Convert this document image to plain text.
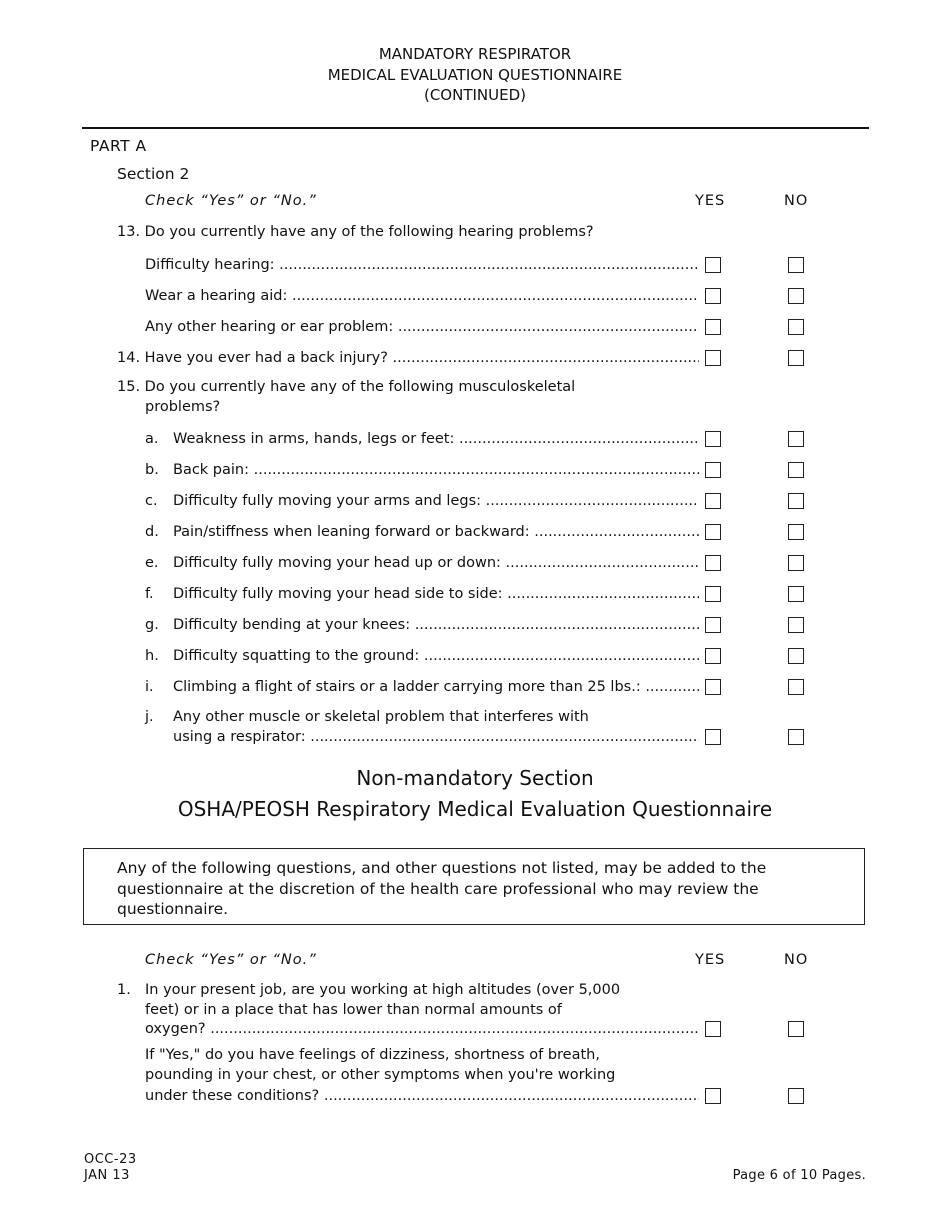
MANDATORY RESPIRATOR
MEDICAL EVALUATION QUESTIONNAIRE
(CONTINUED)
PART A
Section 2
Check “Yes” or “No.”	YES	NO
13. Do you currently have any of the following hearing problems?
Difficulty hearing: .....
Wear a hearing aid: .....
Any other hearing or ear problem: .....
14. Have you ever had a back injury? .....
15. Do you currently have any of the following musculoskeletal
problems?
a. Weakness in arms, hands, legs or feet: .....
b. Back pain: .....
c. Difficulty fully moving your arms and legs: .....
d. Pain/stiffness when leaning forward or backward: .....
e. Difficulty fully moving your head up or down: .....
f. Difficulty fully moving your head side to side: .....
g. Difficulty bending at your knees: .....
h. Difficulty squatting to the ground: .....
i. Climbing a flight of stairs or a ladder carrying more than 25 lbs.: .....
j. Any other muscle or skeletal problem that interferes with
using a respirator: .....
Non-mandatory Section
OSHA/PEOSH Respiratory Medical Evaluation Questionnaire
Any of the following questions, and other questions not listed, may be added to the
questionnaire at the discretion of the health care professional who may review the
questionnaire.
Check “Yes” or “No.”	YES	NO
1. In your present job, are you working at high altitudes (over 5,000
feet) or in a place that has lower than normal amounts of
oxygen? .....
If "Yes," do you have feelings of dizziness, shortness of breath,
pounding in your chest, or other symptoms when you're working
under these conditions? .....
OCC-23
JAN 13	Page 6 of 10 Pages.
